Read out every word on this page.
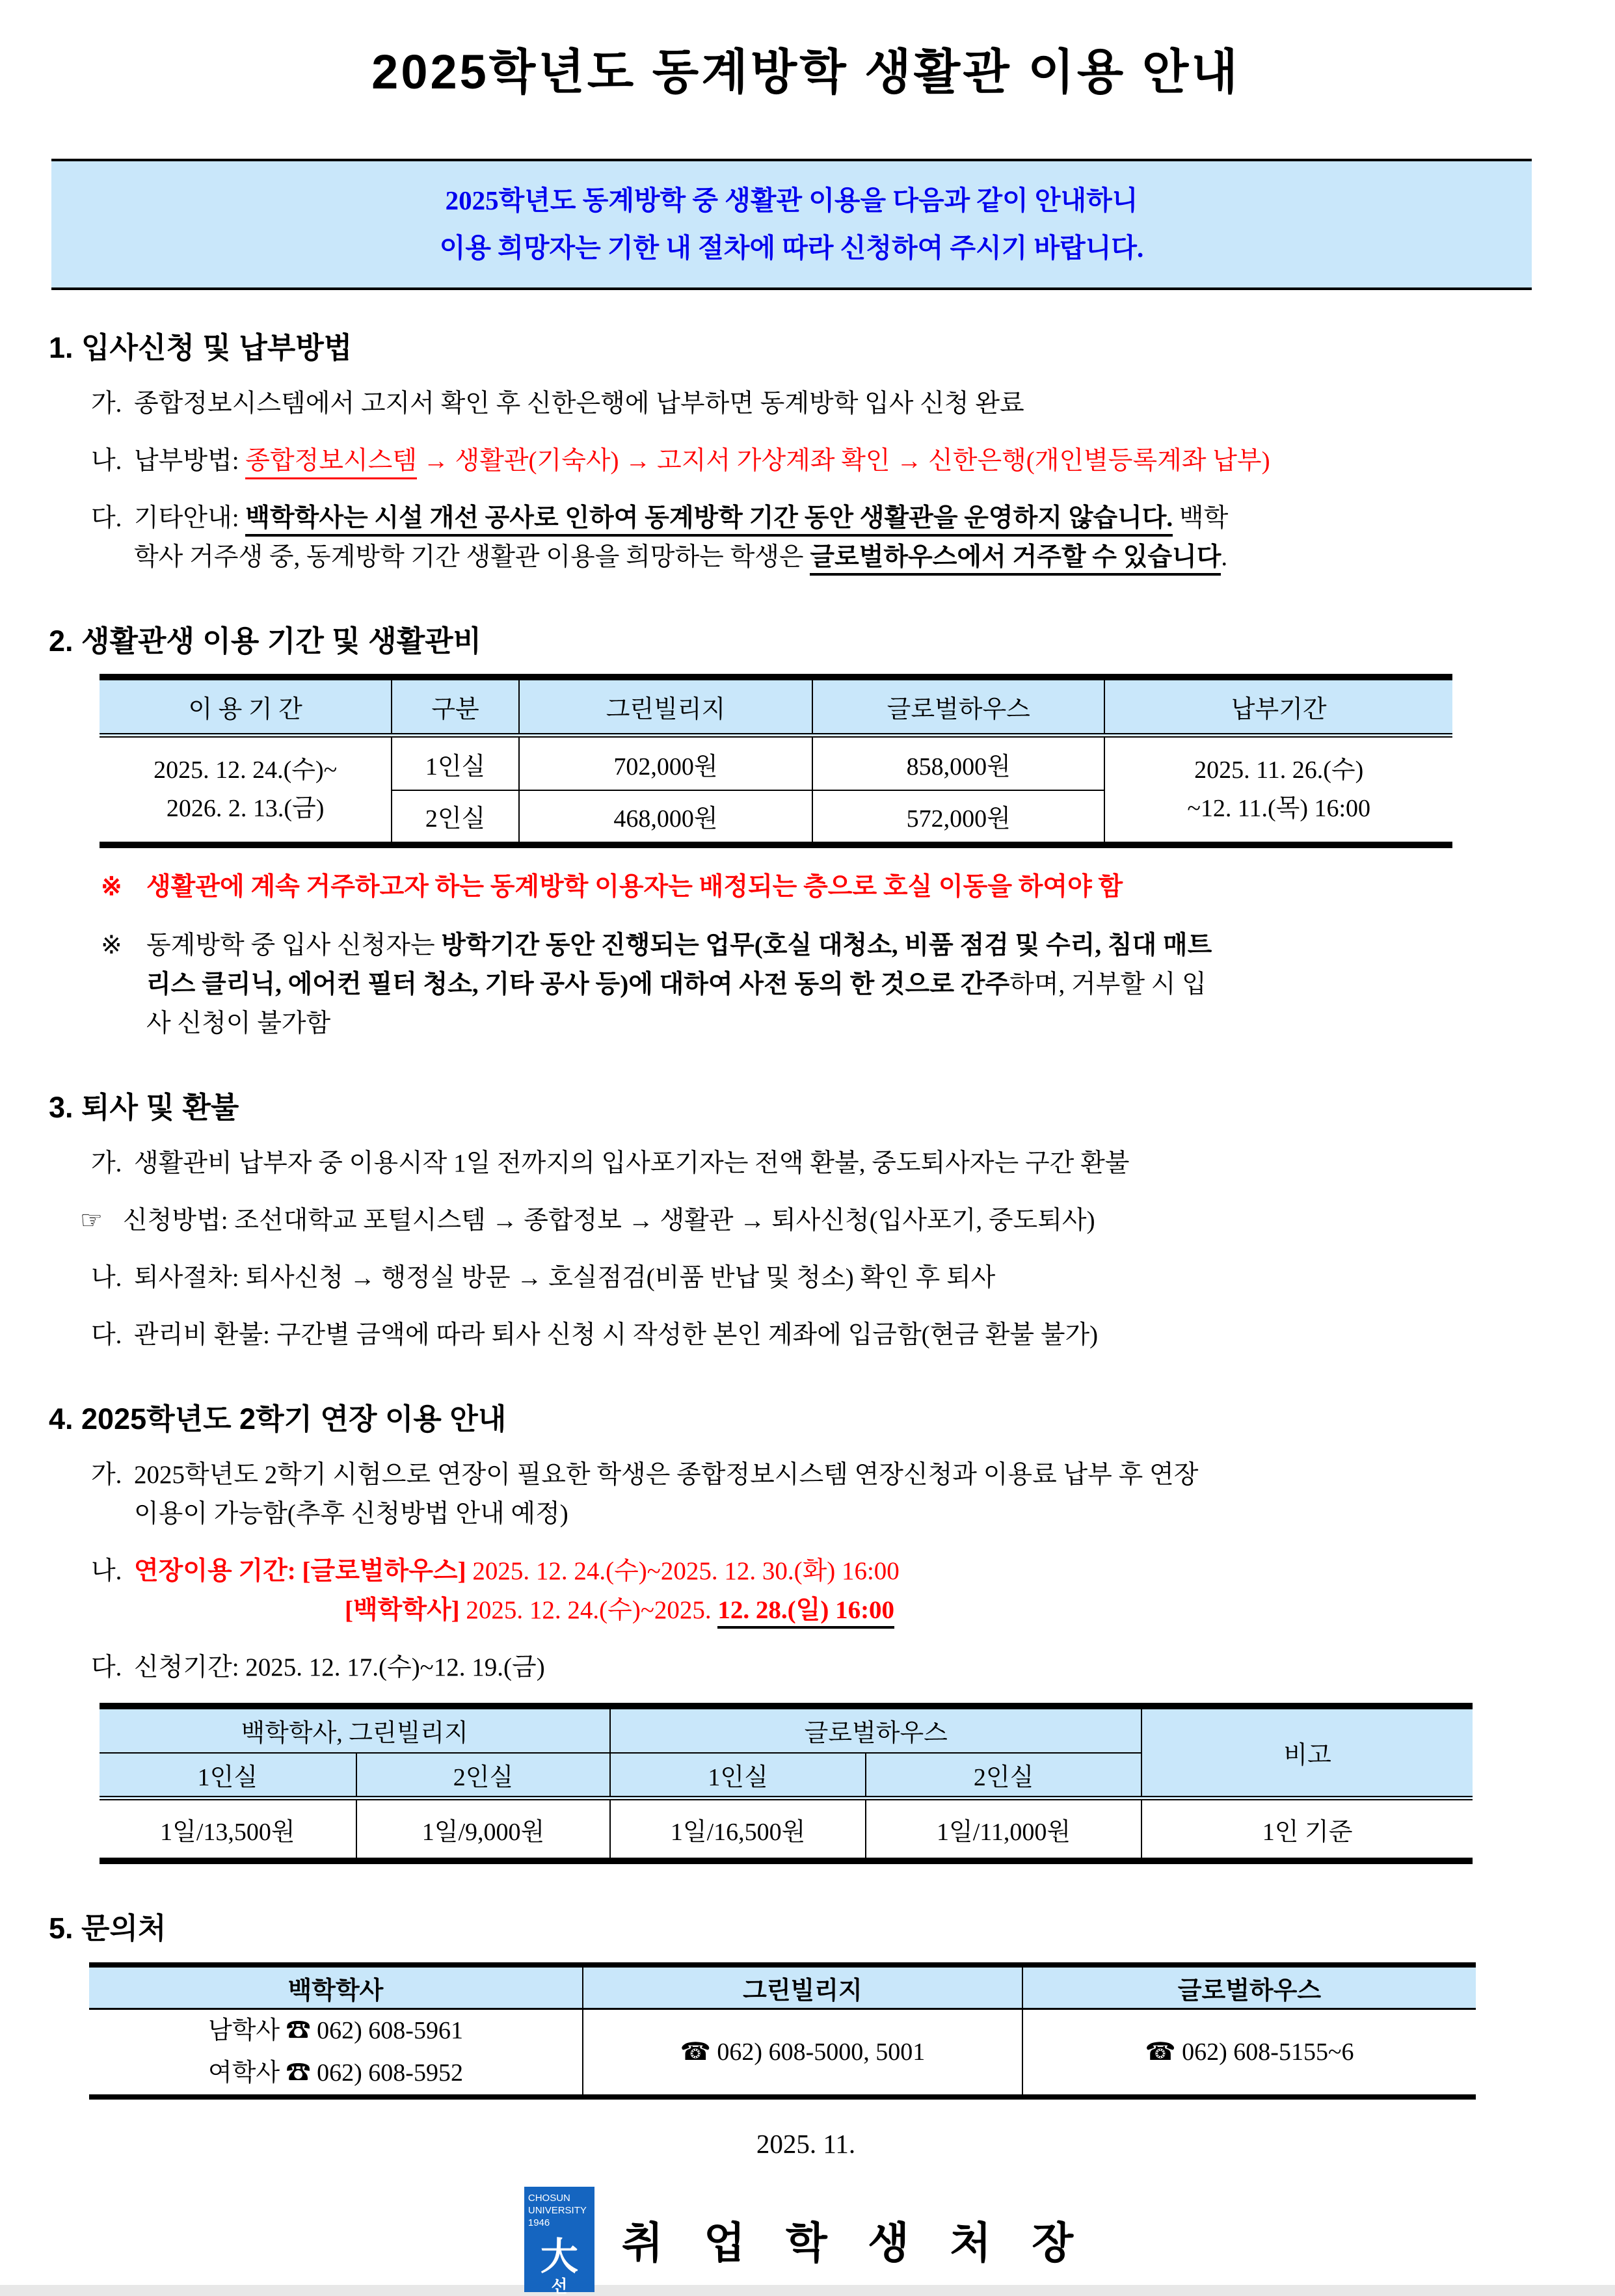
2025학년도 동계방학 생활관 이용 안내
2025학년도 동계방학 중 생활관 이용을 다음과 같이 안내하니
이용 희망자는 기한 내 절차에 따라 신청하여 주시기 바랍니다.
1. 입사신청 및 납부방법
가. 종합정보시스템에서 고지서 확인 후 신한은행에 납부하면 동계방학 입사 신청 완료
나. 납부방법: 종합정보시스템 → 생활관(기숙사) → 고지서 가상계좌 확인 → 신한은행(개인별등록계좌 납부)
다. 기타안내: 백학학사는 시설 개선 공사로 인하여 동계방학 기간 동안 생활관을 운영하지 않습니다. 백학
학사 거주생 중, 동계방학 기간 생활관 이용을 희망하는 학생은 글로벌하우스에서 거주할 수 있습니다.
2. 생활관생 이용 기간 및 생활관비
이 용 기 간	구분	그린빌리지	글로벌하우스	납부기간

2025. 12. 24.(수)~
2026. 2. 13.(금)
	1인실	702,000원	858,000원	2025. 11. 26.(수)
~12. 11.(목) 16:00

	2인실	468,000원	572,000원	
※ 생활관에 계속 거주하고자 하는 동계방학 이용자는 배정되는 층으로 호실 이동을 하여야 함
※ 동계방학 중 입사 신청자는 방학기간 동안 진행되는 업무(호실 대청소, 비품 점검 및 수리, 침대 매트
리스 클리닉, 에어컨 필터 청소, 기타 공사 등)에 대하여 사전 동의 한 것으로 간주하며, 거부할 시 입
사 신청이 불가함
3. 퇴사 및 환불
가. 생활관비 납부자 중 이용시작 1일 전까지의 입사포기자는 전액 환불, 중도퇴사자는 구간 환불
☞ 신청방법: 조선대학교 포털시스템 → 종합정보 → 생활관 → 퇴사신청(입사포기, 중도퇴사)
나. 퇴사절차: 퇴사신청 → 행정실 방문 → 호실점검(비품 반납 및 청소) 확인 후 퇴사
다. 관리비 환불: 구간별 금액에 따라 퇴사 신청 시 작성한 본인 계좌에 입금함(현금 환불 불가)
4. 2025학년도 2학기 연장 이용 안내
가. 2025학년도 2학기 시험으로 연장이 필요한 학생은 종합정보시스템 연장신청과 이용료 납부 후 연장
이용이 가능함(추후 신청방법 안내 예정)
나. 연장이용 기간: [글로벌하우스] 2025. 12. 24.(수)~2025. 12. 30.(화) 16:00
[백학학사] 2025. 12. 24.(수)~2025. 12. 28.(일) 16:00
다. 신청기간: 2025. 12. 17.(수)~12. 19.(금)
백학학사, 그린빌리지		글로벌하우스		비고
1인실	2인실	1인실	2인실	
1일/13,500원	1일/9,000원	1일/16,500원	1일/11,000원	1인 기준
5. 문의처
백학학사	그린빌리지	글로벌하우스

남학사 ☎ 062) 608-5961
여학사 ☎ 062) 608-5952	☎ 062) 608-5000, 5001	☎ 062) 608-5155~6
2025. 11.
CHOSUN
UNIVERSITY
1946
大
선
취 업 학 생 처 장
